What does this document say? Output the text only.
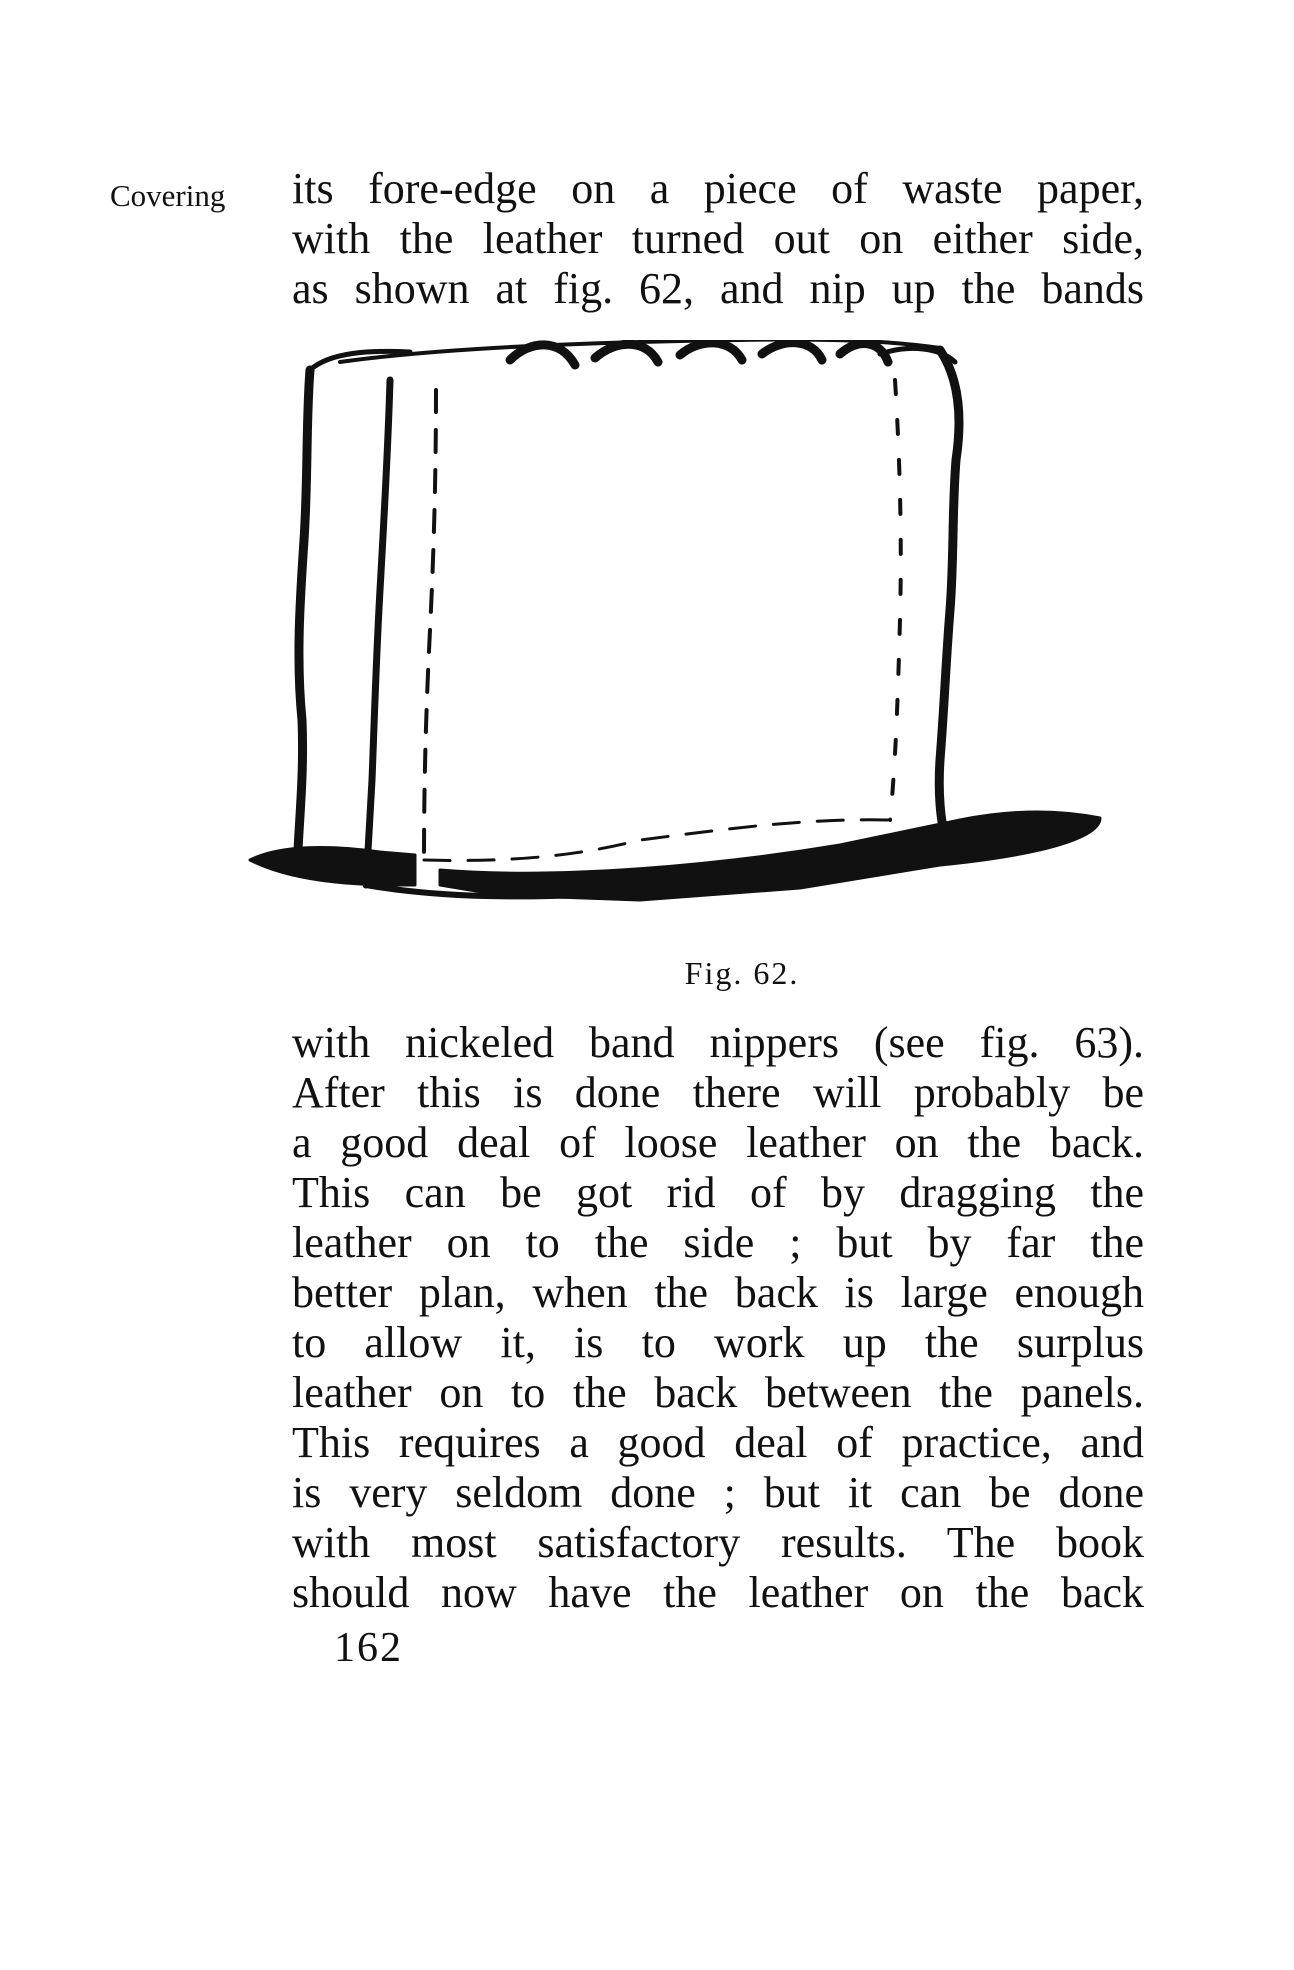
Covering its fore-edge on a piece of waste paper,
with the leather turned out on either side,
as shown at fig. 62, and nip up the bands
Fig. 62.
with nickeled band nippers (see fig. 63).
After this is done there will probably be
a good deal of loose leather on the back.
This can be got rid of by dragging the
leather on to the side ; but by far the
better plan, when the back is large enough
to allow it, is to work up the surplus
leather on to the back between the panels.
This requires a good deal of practice, and
is very seldom done ; but it can be done
with most satisfactory results. The book
should now have the leather on the back
162
